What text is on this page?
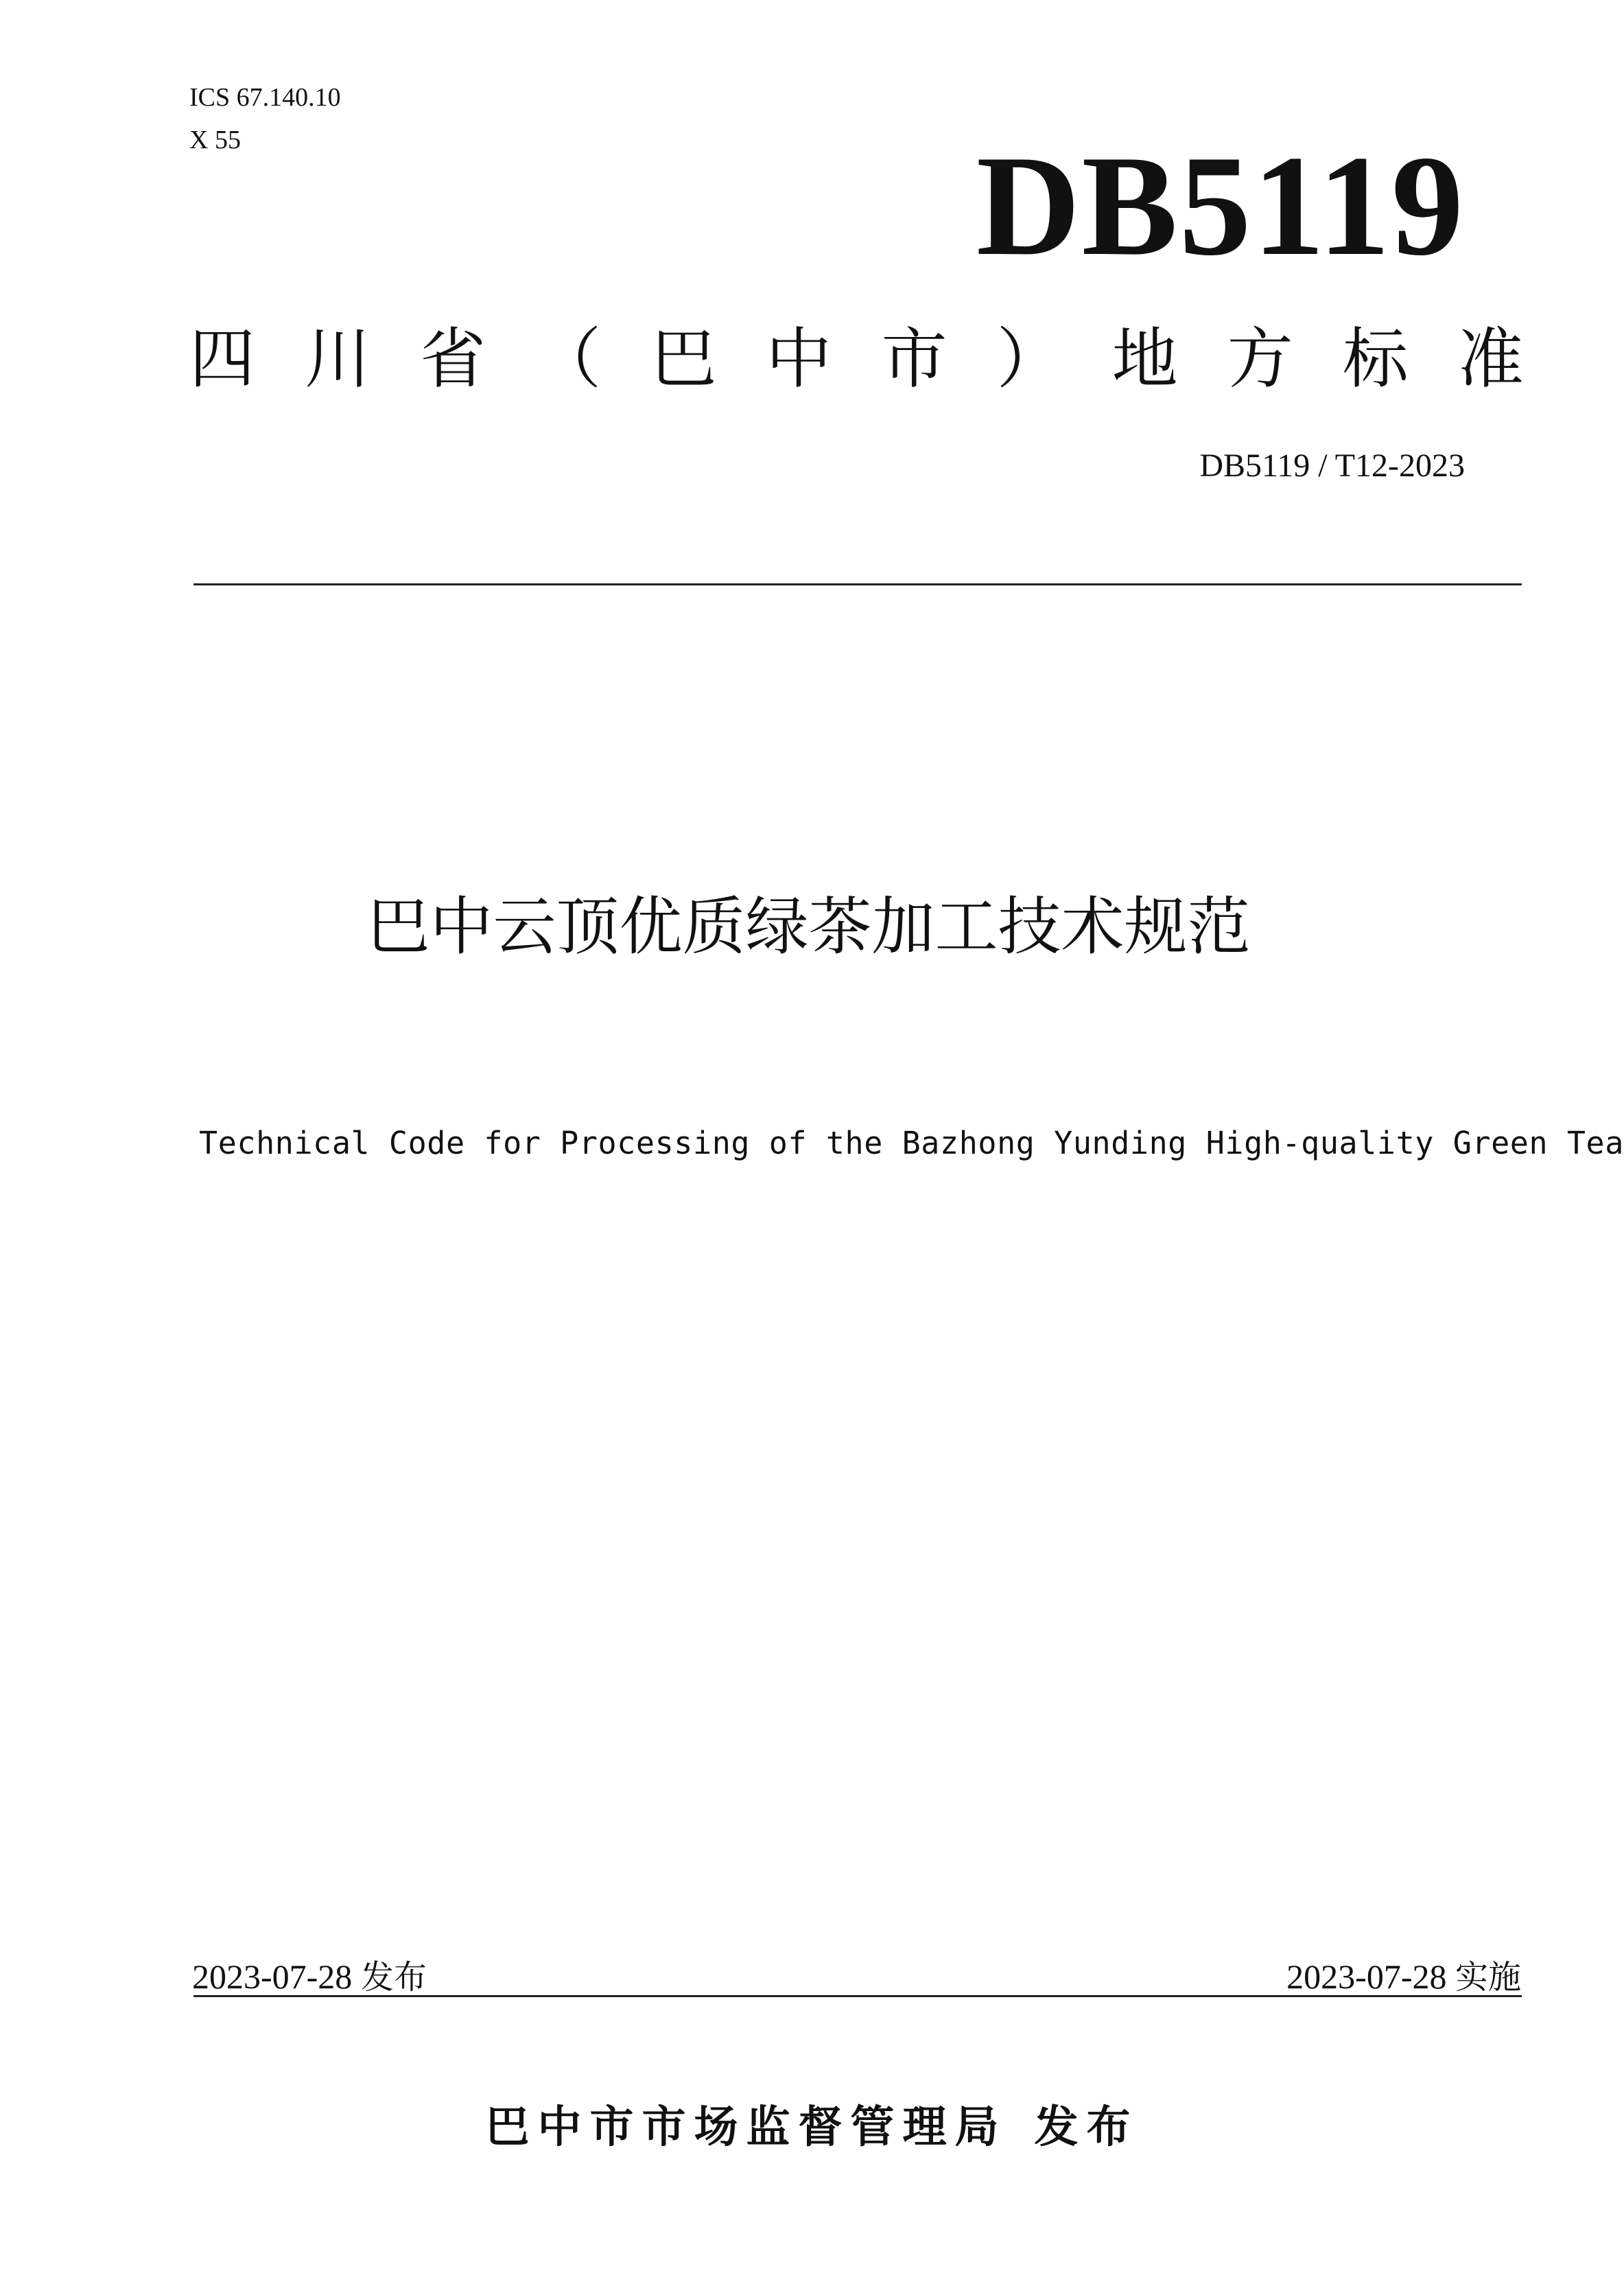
ICS 67.140.10
X 55	DB5119
四 川 省 （ 巴 中 市 ） 地 方 标 准
DB5119 / T12-2023
巴中云顶优质绿茶加工技术规范
Technical Code for Processing of the Bazhong Yunding High-quality Green Tea
2023-07-28 发布	2023-07-28 实施
巴中市市场监督管理局 发布
